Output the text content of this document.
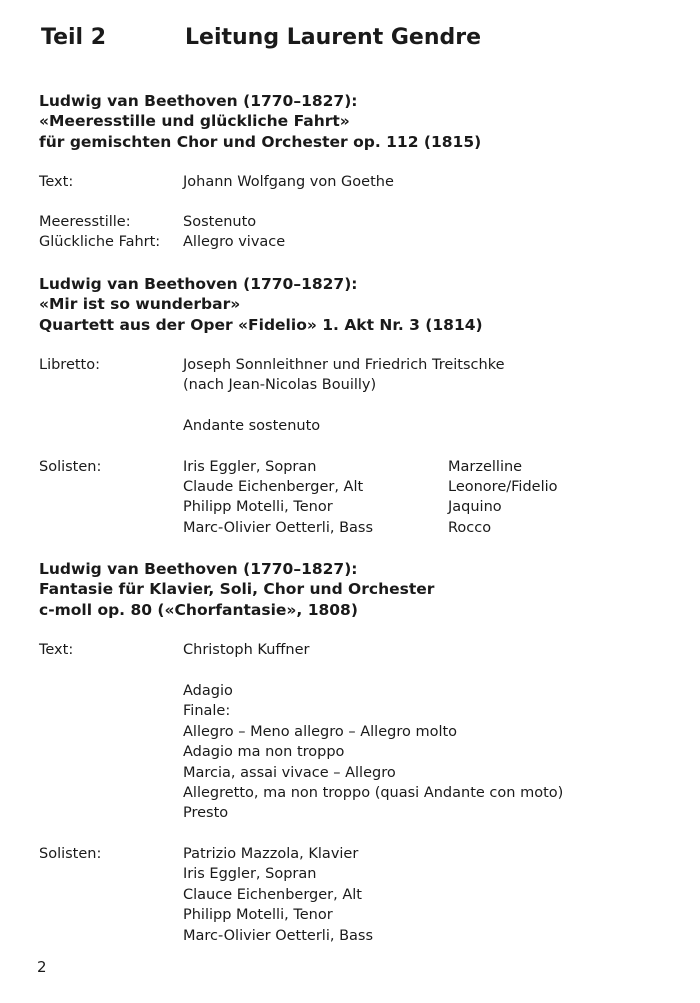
Teil 2	Leitung Laurent Gendre
Ludwig van Beethoven (1770–1827):
«Meeresstille und glückliche Fahrt»
für gemischten Chor und Orchester op. 112 (1815)
Text:	Johann Wolfgang von Goethe
Meeresstille:	Sostenuto
Glückliche Fahrt: Allegro vivace
Ludwig van Beethoven (1770–1827):
«Mir ist so wunderbar»
Quartett aus der Oper «Fidelio» 1. Akt Nr. 3 (1814)
Libretto:	Joseph Sonnleithner und Friedrich Treitschke
(nach Jean-Nicolas Bouilly)
Andante sostenuto
Solisten:	Iris Eggler, Sopran	Marzelline
Claude Eichenberger, Alt	Leonore/Fidelio
Philipp Motelli, Tenor	Jaquino
Marc-Olivier Oetterli, Bass	Rocco
Ludwig van Beethoven (1770–1827):
Fantasie für Klavier, Soli, Chor und Orchester
c-moll op. 80 («Chorfantasie», 1808)
Text:	Christoph Kuffner
Adagio
Finale:
Allegro – Meno allegro – Allegro molto
Adagio ma non troppo
Marcia, assai vivace – Allegro
Allegretto, ma non troppo (quasi Andante con moto)
Presto
Solisten:	Patrizio Mazzola, Klavier
Iris Eggler, Sopran
Clauce Eichenberger, Alt
Philipp Motelli, Tenor
Marc-Olivier Oetterli, Bass
2
